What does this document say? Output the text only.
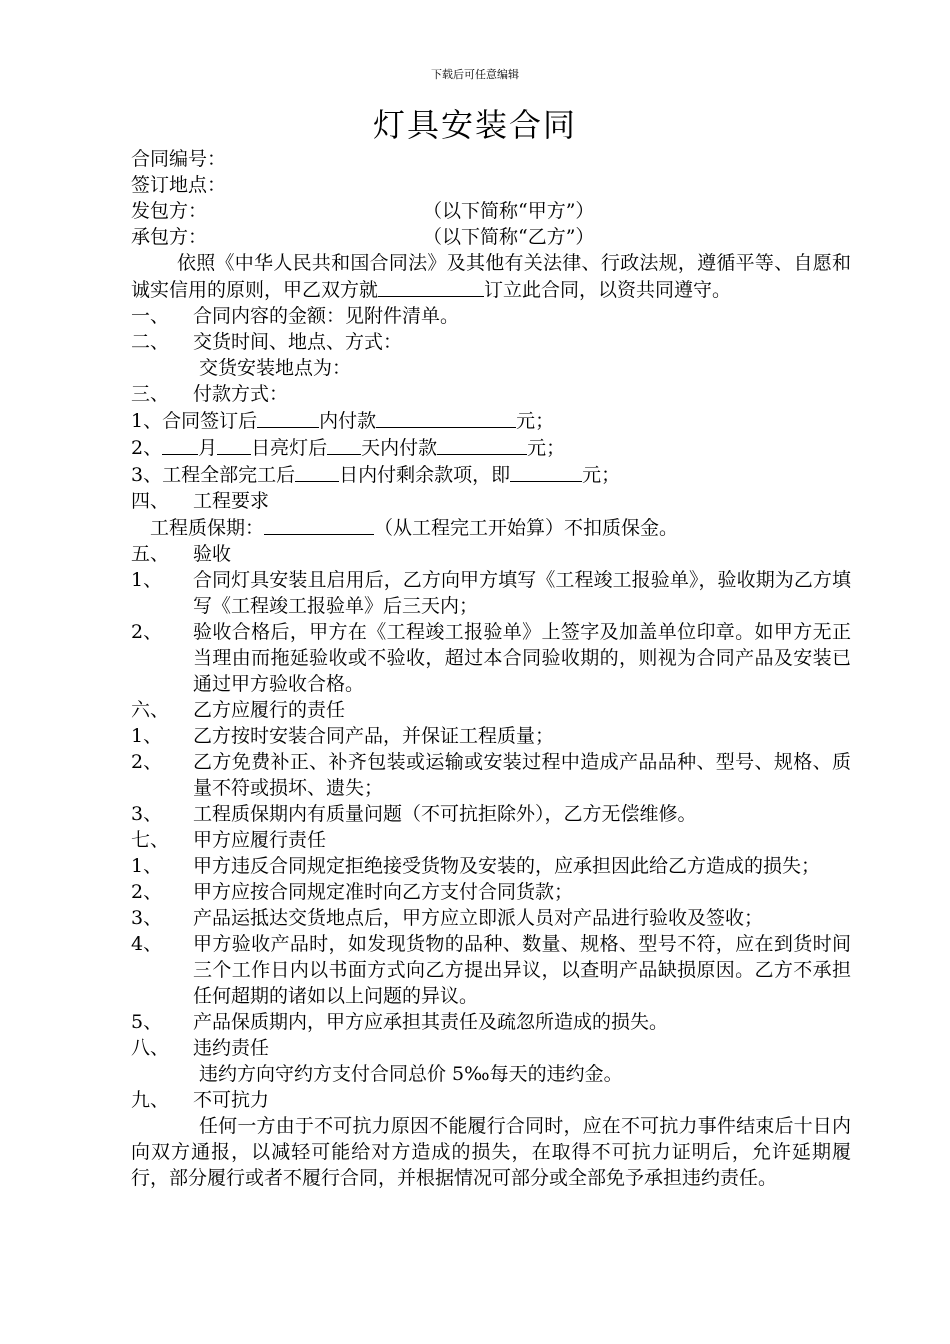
下载后可任意编辑
灯具安装合同
合同编号：
签订地点：
发包方：	（以下简称“甲方”）
承包方：	（以下简称“乙方”）
依照《中华人民共和国合同法》及其他有关法律、行政法规，遵循平等、自愿和诚实信用的原则，甲乙双方就	订立此合同，以资共同遵守。
一、	合同内容的金额：见附件清单。
二、	交货时间、地点、方式：
交货安装地点为：
三、	付款方式：
1、合同签订后	内付款	元；
2、 月 日亮灯后 天内付款	元；
3、工程全部完工后 日内付剩余款项，即	元；
四、	工程要求
工程质保期：	（从工程完工开始算）不扣质保金。
五、	验收
1、	合同灯具安装且启用后，乙方向甲方填写《工程竣工报验单》，验收期为乙方填写《工程竣工报验单》后三天内；
2、	验收合格后，甲方在《工程竣工报验单》上签字及加盖单位印章。如甲方无正当理由而拖延验收或不验收，超过本合同验收期的，则视为合同产品及安装已通过甲方验收合格。
六、	乙方应履行的责任
1、	乙方按时安装合同产品，并保证工程质量；
2、	乙方免费补正、补齐包装或运输或安装过程中造成产品品种、型号、规格、质量不符或损坏、遗失；
3、	工程质保期内有质量问题（不可抗拒除外），乙方无偿维修。
七、	甲方应履行责任
1、	甲方违反合同规定拒绝接受货物及安装的，应承担因此给乙方造成的损失；
2、	甲方应按合同规定准时向乙方支付合同货款；
3、	产品运抵达交货地点后，甲方应立即派人员对产品进行验收及签收；
4、	甲方验收产品时，如发现货物的品种、数量、规格、型号不符，应在到货时间三个工作日内以书面方式向乙方提出异议，以查明产品缺损原因。乙方不承担任何超期的诸如以上问题的异议。
5、	产品保质期内，甲方应承担其责任及疏忽所造成的损失。
八、	违约责任
违约方向守约方支付合同总价 5‰每天的违约金。
九、	不可抗力
任何一方由于不可抗力原因不能履行合同时，应在不可抗力事件结束后十日内向双方通报，以减轻可能给对方造成的损失，在取得不可抗力证明后，允许延期履行，部分履行或者不履行合同，并根据情况可部分或全部免予承担违约责任。
